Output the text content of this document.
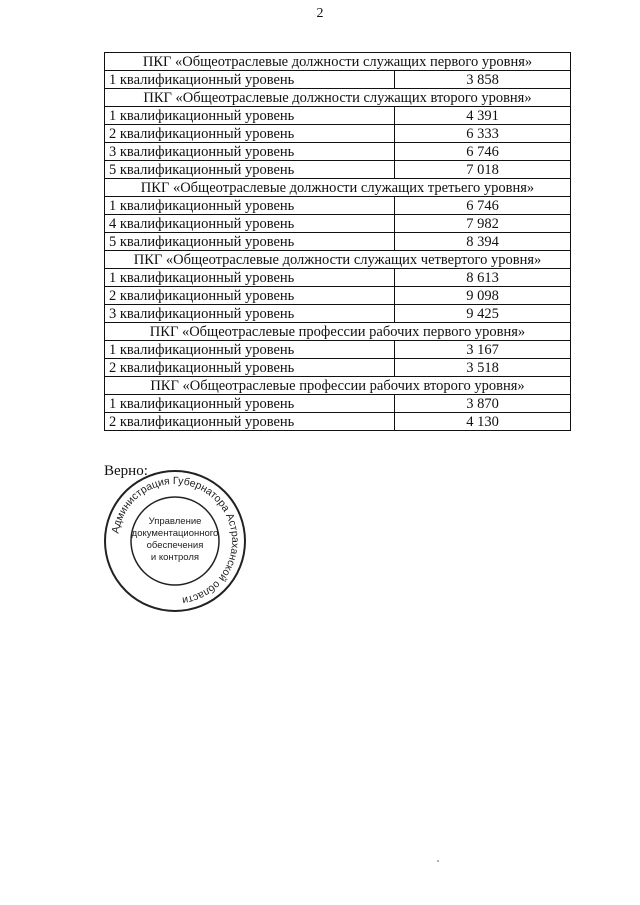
2
ПКГ «Общеотраслевые должности служащих первого уровня»	
1 квалификационный уровень	3 858
ПКГ «Общеотраслевые должности служащих второго уровня»	
1 квалификационный уровень	4 391
2 квалификационный уровень	6 333
3 квалификационный уровень	6 746
5 квалификационный уровень	7 018
ПКГ «Общеотраслевые должности служащих третьего уровня»	
1 квалификационный уровень	6 746
4 квалификационный уровень	7 982
5 квалификационный уровень	8 394
ПКГ «Общеотраслевые должности служащих четвертого уровня»	
1 квалификационный уровень	8 613
2 квалификационный уровень	9 098
3 квалификационный уровень	9 425
ПКГ «Общеотраслевые профессии рабочих первого уровня»	
1 квалификационный уровень	3 167
2 квалификационный уровень	3 518
ПКГ «Общеотраслевые профессии рабочих второго уровня»	
1 квалификационный уровень	3 870
2 квалификационный уровень	4 130
Верно:
Администрация Губернатора Астраханской области
Управление
документационного
обеспечения
и контроля
